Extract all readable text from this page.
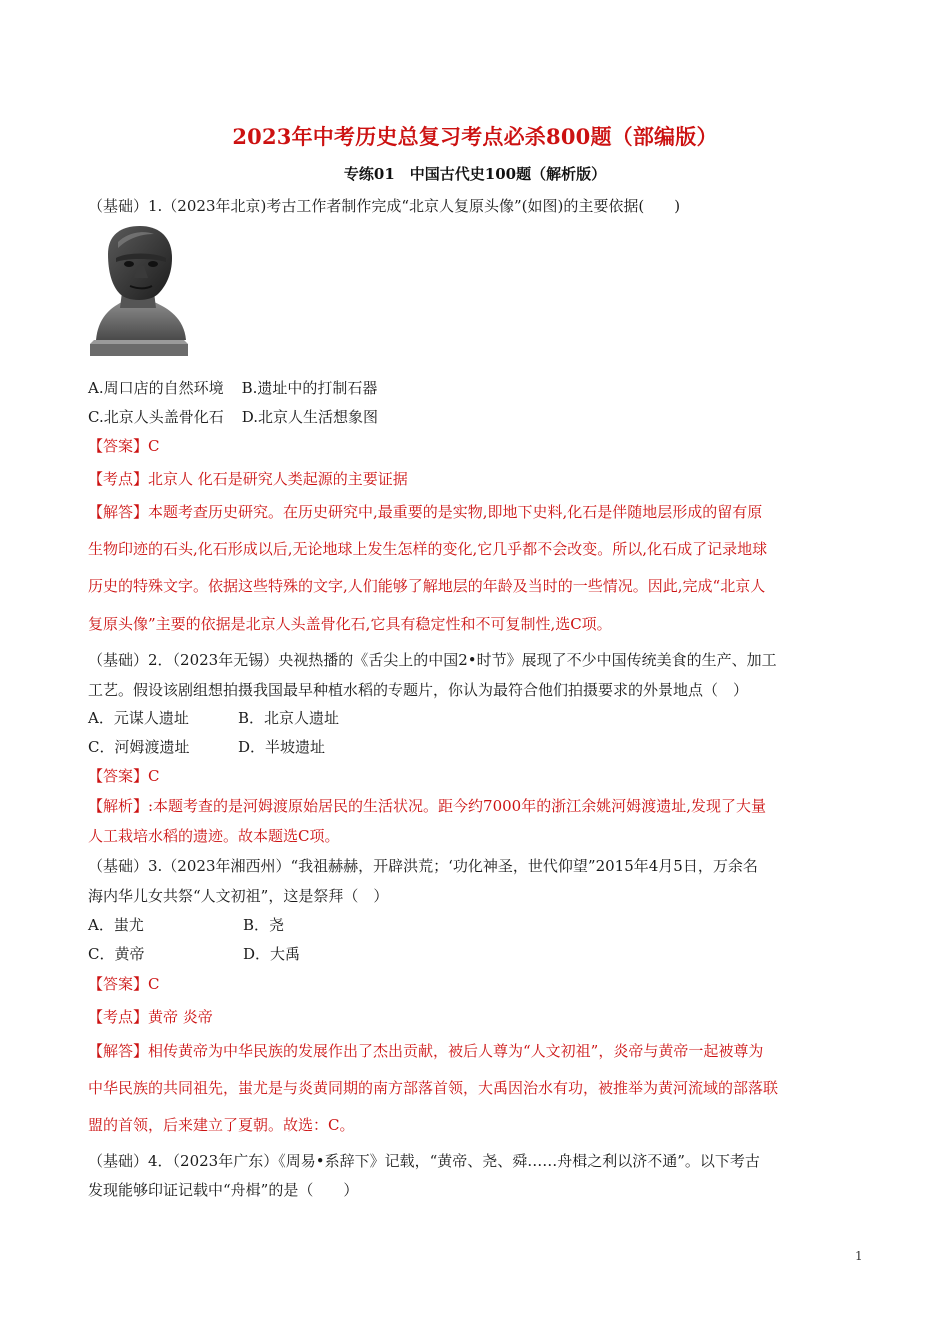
2023年中考历史总复习考点必杀800题（部编版）
专练01　中国古代史100题（解析版）
（基础）1.（2023年北京)考古工作者制作完成“北京人复原头像”(如图)的主要依据(　　)
A.周口店的自然环境 B.遗址中的打制石器
C.北京人头盖骨化石 D.北京人生活想象图
【答案】C
【考点】北京人 化石是研究人类起源的主要证据
【解答】本题考查历史研究。在历史研究中,最重要的是实物,即地下史料,化石是伴随地层形成的留有原
生物印迹的石头,化石形成以后,无论地球上发生怎样的变化,它几乎都不会改变。所以,化石成了记录地球
历史的特殊文字。依据这些特殊的文字,人们能够了解地层的年龄及当时的一些情况。因此,完成“北京人
复原头像”主要的依据是北京人头盖骨化石,它具有稳定性和不可复制性,选C项。
（基础）2．（2023年无锡）央视热播的《舌尖上的中国2•时节》展现了不少中国传统美食的生产、加工
工艺。假设该剧组想拍摄我国最早种植水稻的专题片，你认为最符合他们拍摄要求的外景地点（　）
A．元谋人遗址	B．北京人遗址
C．河姆渡遗址	D．半坡遗址
【答案】C
【解析】:本题考查的是河姆渡原始居民的生活状况。距今约7000年的浙江余姚河姆渡遗址,发现了大量
人工栽培水稻的遗迹。故本题选C项。
（基础）3.（2023年湘西州）“我祖赫赫，开辟洪荒；‘功化神圣，世代仰望”2015年4月5日，万余名
海内华儿女共祭“人文初祖”，这是祭拜（　）
A．蚩尤	B．尧
C．黄帝	D．大禹
【答案】C
【考点】黄帝 炎帝
【解答】相传黄帝为中华民族的发展作出了杰出贡献，被后人尊为“人文初祖”，炎帝与黄帝一起被尊为
中华民族的共同祖先，蚩尤是与炎黄同期的南方部落首领，大禹因治水有功，被推举为黄河流域的部落联
盟的首领，后来建立了夏朝。故选：C。
（基础）4．（2023年广东）《周易•系辞下》记载，“黄帝、尧、舜……舟楫之利以济不通”。以下考古
发现能够印证记载中“舟楫”的是（　　）
1
